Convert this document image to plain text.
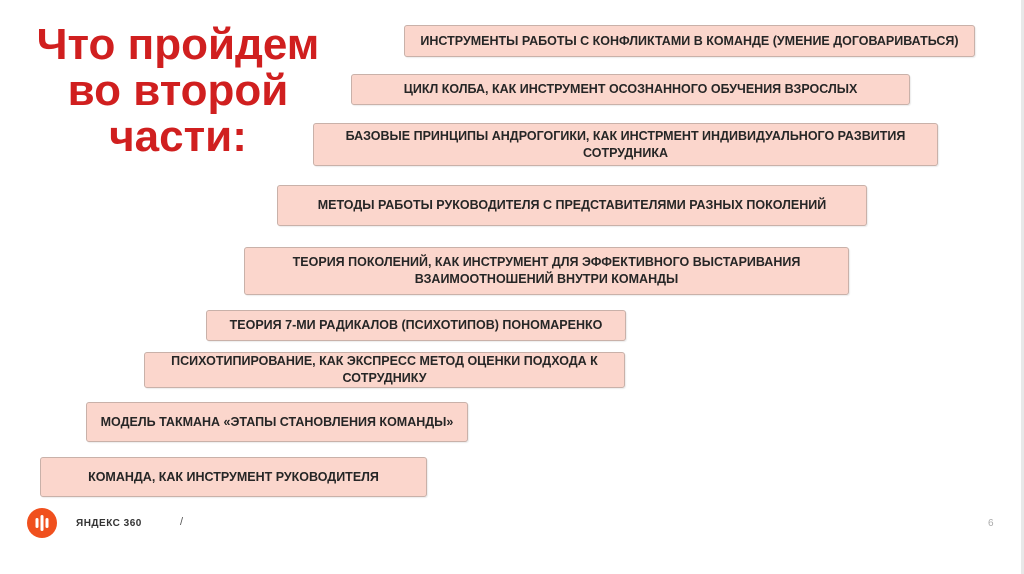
Что пройдем
во второй
части:
ИНСТРУМЕНТЫ РАБОТЫ С КОНФЛИКТАМИ В КОМАНДЕ (УМЕНИЕ ДОГОВАРИВАТЬСЯ)
ЦИКЛ КОЛБА, КАК ИНСТРУМЕНТ ОСОЗНАННОГО ОБУЧЕНИЯ ВЗРОСЛЫХ
БАЗОВЫЕ ПРИНЦИПЫ АНДРОГОГИКИ, КАК ИНСТРМЕНТ ИНДИВИДУАЛЬНОГО РАЗВИТИЯ СОТРУДНИКА
МЕТОДЫ РАБОТЫ РУКОВОДИТЕЛЯ С ПРЕДСТАВИТЕЛЯМИ РАЗНЫХ ПОКОЛЕНИЙ
ТЕОРИЯ ПОКОЛЕНИЙ, КАК ИНСТРУМЕНТ ДЛЯ ЭФФЕКТИВНОГО ВЫСТАРИВАНИЯ ВЗАИМООТНОШЕНИЙ ВНУТРИ КОМАНДЫ
ТЕОРИЯ 7-МИ РАДИКАЛОВ (ПСИХОТИПОВ) ПОНОМАРЕНКО
ПСИХОТИПИРОВАНИЕ, КАК ЭКСПРЕСС МЕТОД ОЦЕНКИ ПОДХОДА К СОТРУДНИКУ
МОДЕЛЬ ТАКМАНА «ЭТАПЫ СТАНОВЛЕНИЯ КОМАНДЫ»
КОМАНДА, КАК ИНСТРУМЕНТ РУКОВОДИТЕЛЯ
ЯНДЕКС 360	/	6
